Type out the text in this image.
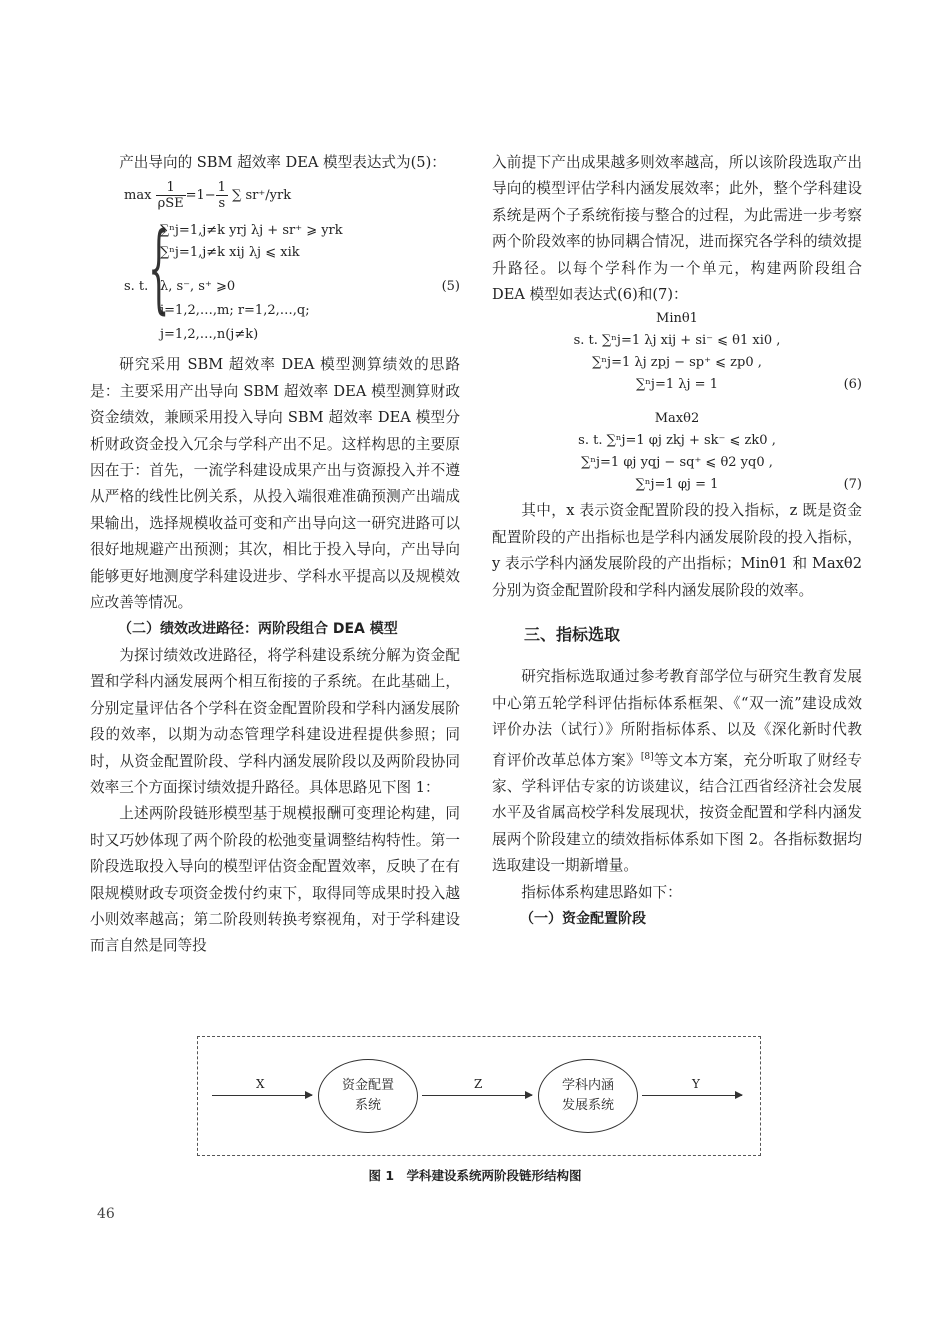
产出导向的 SBM 超效率 DEA 模型表达式为(5)：

$\max \frac{1}{\text{ρSE}} =1- \frac{1}{s}$ ∑ sr⁺/yrk
{
s. t.
∑ⁿj=1,j≠k yrj λj + sr⁺ ⩾ yrk
∑ⁿj=1,j≠k xij λj ⩽ xik
λ, s⁻, s⁺ ⩾0
i=1,2,…,m; r=1,2,…,q;
j=1,2,…,n(j≠k)
(5)

研究采用 SBM 超效率 DEA 模型测算绩效的思路是：主要采用产出导向 SBM 超效率 DEA 模型测算财政资金绩效，兼顾采用投入导向 SBM 超效率 DEA 模型分析财政资金投入冗余与学科产出不足。这样构思的主要原因在于：首先，一流学科建设成果产出与资源投入并不遵从严格的线性比例关系，从投入端很难准确预测产出端成果输出，选择规模收益可变和产出导向这一研究进路可以很好地规避产出预测；其次，相比于投入导向，产出导向能够更好地测度学科建设进步、学科水平提高以及规模效应改善等情况。

（二）绩效改进路径：两阶段组合 DEA 模型

为探讨绩效改进路径，将学科建设系统分解为资金配置和学科内涵发展两个相互衔接的子系统。在此基础上，分别定量评估各个学科在资金配置阶段和学科内涵发展阶段的效率，以期为动态管理学科建设进程提供参照；同时，从资金配置阶段、学科内涵发展阶段以及两阶段协同效率三个方面探讨绩效提升路径。具体思路见下图 1：

上述两阶段链形模型基于规模报酬可变理论构建，同时又巧妙体现了两个阶段的松弛变量调整结构特性。第一阶段选取投入导向的模型评估资金配置效率，反映了在有限规模财政专项资金拨付约束下，取得同等成果时投入越小则效率越高；第二阶段则转换考察视角，对于学科建设而言自然是同等投

入前提下产出成果越多则效率越高，所以该阶段选取产出导向的模型评估学科内涵发展效率；此外，整个学科建设系统是两个子系统衔接与整合的过程，为此需进一步考察两个阶段效率的协同耦合情况，进而探究各学科的绩效提升路径。以每个学科作为一个单元，构建两阶段组合 DEA 模型如表达式(6)和(7)：

Minθ1
s. t. ∑ⁿj=1 λj xij + si⁻ ⩽ θ1 xi0 ,
∑ⁿj=1 λj zpj − sp⁺ ⩽ zp0 ,
∑ⁿj=1 λj = 1	(6)
Maxθ2
s. t. ∑ⁿj=1 φj zkj + sk⁻ ⩽ zk0 ,
∑ⁿj=1 φj yqj − sq⁺ ⩽ θ2 yq0 ,
∑ⁿj=1 φj = 1	(7)

其中，x 表示资金配置阶段的投入指标，z 既是资金配置阶段的产出指标也是学科内涵发展阶段的投入指标，y 表示学科内涵发展阶段的产出指标；Minθ1 和 Maxθ2 分别为资金配置阶段和学科内涵发展阶段的效率。

三、指标选取

研究指标选取通过参考教育部学位与研究生教育发展中心第五轮学科评估指标体系框架、《“双一流”建设成效评价办法（试行）》所附指标体系、以及《深化新时代教育评价改革总体方案》[8]等文本方案，充分听取了财经专家、学科评估专家的访谈建议，结合江西省经济社会发展水平及省属高校学科发展现状，按资金配置和学科内涵发展两个阶段建立的绩效指标体系如下图 2。各指标数据均选取建设一期新增量。

指标体系构建思路如下：

（一）资金配置阶段

X	资金配置
系统
Z	学科内涵
发展系统
Y
图 1　学科建设系统两阶段链形结构图
46
